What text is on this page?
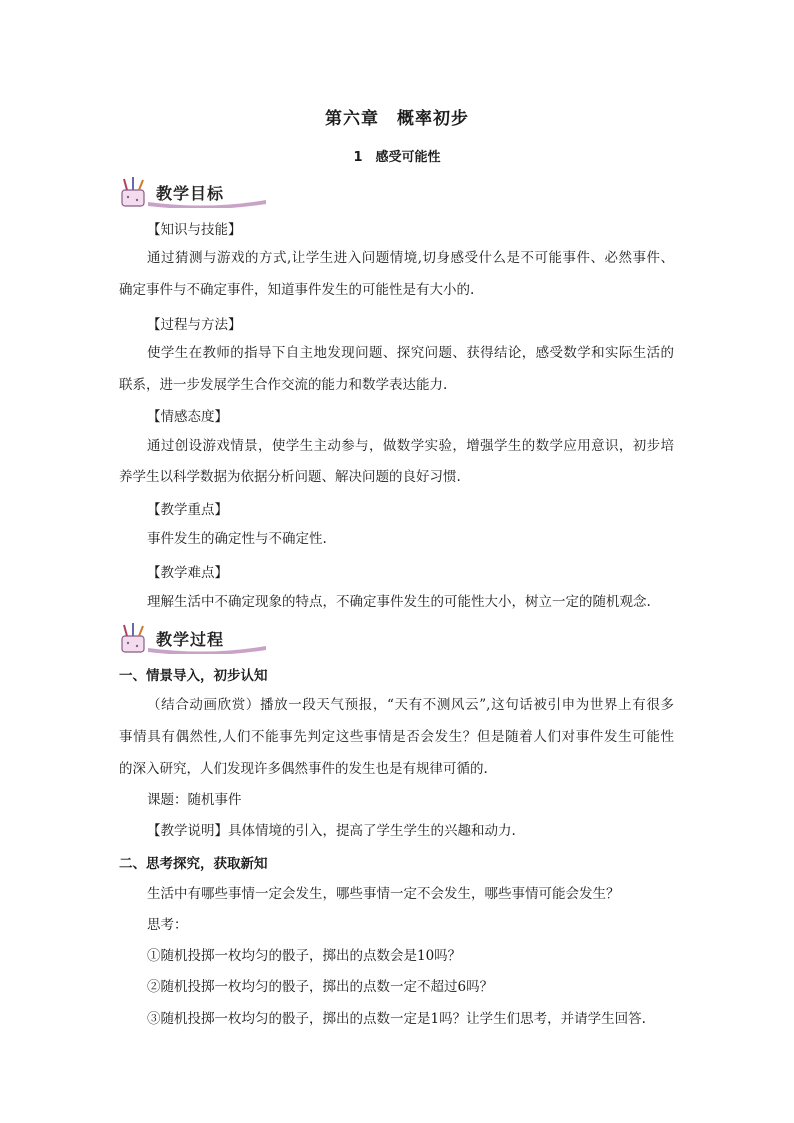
第六章　概率初步
1　感受可能性
教学目标
【知识与技能】
通过猜测与游戏的方式,让学生进入问题情境,切身感受什么是不可能事件、必然事件、
确定事件与不确定事件，知道事件发生的可能性是有大小的.
【过程与方法】
使学生在教师的指导下自主地发现问题、探究问题、获得结论，感受数学和实际生活的
联系，进一步发展学生合作交流的能力和数学表达能力.
【情感态度】
通过创设游戏情景，使学生主动参与，做数学实验，增强学生的数学应用意识，初步培
养学生以科学数据为依据分析问题、解决问题的良好习惯.
【教学重点】
事件发生的确定性与不确定性.
【教学难点】
理解生活中不确定现象的特点，不确定事件发生的可能性大小，树立一定的随机观念.
教学过程
一、情景导入，初步认知
（结合动画欣赏）播放一段天气预报，“天有不测风云”,这句话被引申为世界上有很多
事情具有偶然性,人们不能事先判定这些事情是否会发生？但是随着人们对事件发生可能性
的深入研究，人们发现许多偶然事件的发生也是有规律可循的.
课题：随机事件
【教学说明】具体情境的引入，提高了学生学生的兴趣和动力.
二、思考探究，获取新知
生活中有哪些事情一定会发生，哪些事情一定不会发生，哪些事情可能会发生？
思考：
①随机投掷一枚均匀的骰子，掷出的点数会是10吗？
②随机投掷一枚均匀的骰子，掷出的点数一定不超过6吗？
③随机投掷一枚均匀的骰子，掷出的点数一定是1吗？让学生们思考，并请学生回答.
